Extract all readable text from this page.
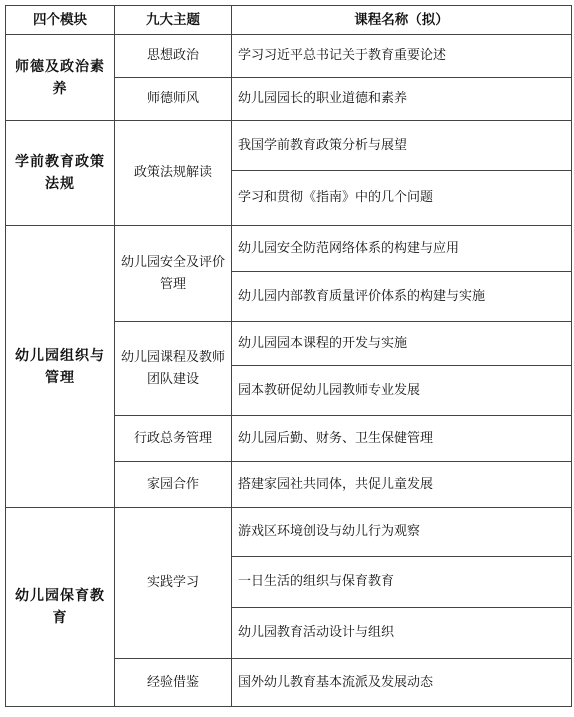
四个模块	九大主题	课程名称（拟）
师德及政治素养	思想政治	学习习近平总书记关于教育重要论述
	师德师风	幼儿园园长的职业道德和素养
学前教育政策法规	政策法规解读	我国学前教育政策分析与展望
		学习和贯彻《指南》中的几个问题
幼儿园组织与管理	幼儿园安全及评价管理	幼儿园安全防范网络体系的构建与应用
		幼儿园内部教育质量评价体系的构建与实施
	幼儿园课程及教师团队建设	幼儿园园本课程的开发与实施
		园本教研促幼儿园教师专业发展
	行政总务管理	幼儿园后勤、财务、卫生保健管理
	家园合作	搭建家园社共同体，共促儿童发展
幼儿园保育教育	实践学习	游戏区环境创设与幼儿行为观察
		一日生活的组织与保育教育
		幼儿园教育活动设计与组织
	经验借鉴	国外幼儿教育基本流派及发展动态
